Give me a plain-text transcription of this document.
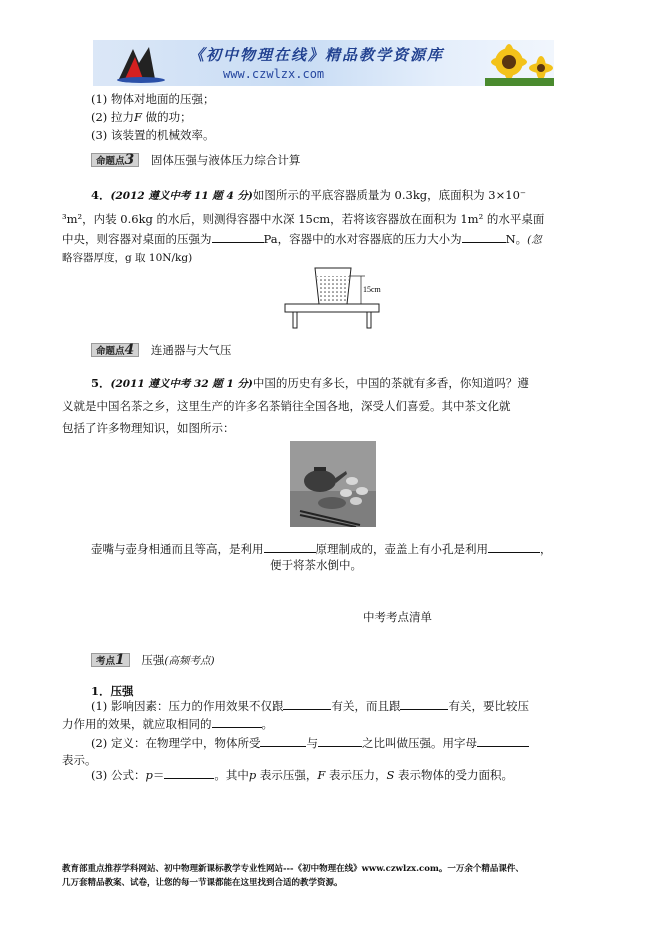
《初中物理在线》精品教学资源库
www.czwlzx.com
(1) 物体对地面的压强；
(2) 拉力F 做的功；
(3) 该装置的机械效率。
命题点3 固体压强与液体压力综合计算
4．(2012 遵义中考 11 题 4 分)如图所示的平底容器质量为 0.3kg，底面积为 3×10⁻
³m²，内装 0.6kg 的水后，则测得容器中水深 15cm，若将该容器放在面积为 1m² 的水平桌面
中央，则容器对桌面的压强为	Pa，容器中的水对容器底的压力大小为	N。(忽
略容器厚度，g 取 10N/kg)
15cm
命题点4 连通器与大气压
5．(2011 遵义中考 32 题 1 分)中国的历史有多长，中国的茶就有多香，你知道吗？遵
义就是中国名茶之乡，这里生产的许多名茶销往全国各地，深受人们喜爱。其中茶文化就
包括了许多物理知识，如图所示：
壶嘴与壶身相通而且等高，是利用	原理制成的，壶盖上有小孔是利用	，
便于将茶水倒中。
中考考点清单
考点1 压强(高频考点)
1．压强
(1) 影响因素：压力的作用效果不仅跟	有关，而且跟	有关，要比较压
力作用的效果，就应取相同的	。
(2) 定义：在物理学中，物体所受	与	之比叫做压强。用字母
表示。
(3) 公式：p＝	。其中p 表示压强，F 表示压力，S 表示物体的受力面积。
教育部重点推荐学科网站、初中物理新课标教学专业性网站---《初中物理在线》www.czwlzx.com。一万余个精品课件、
几万套精品教案、试卷，让您的每一节课都能在这里找到合适的教学资源。
